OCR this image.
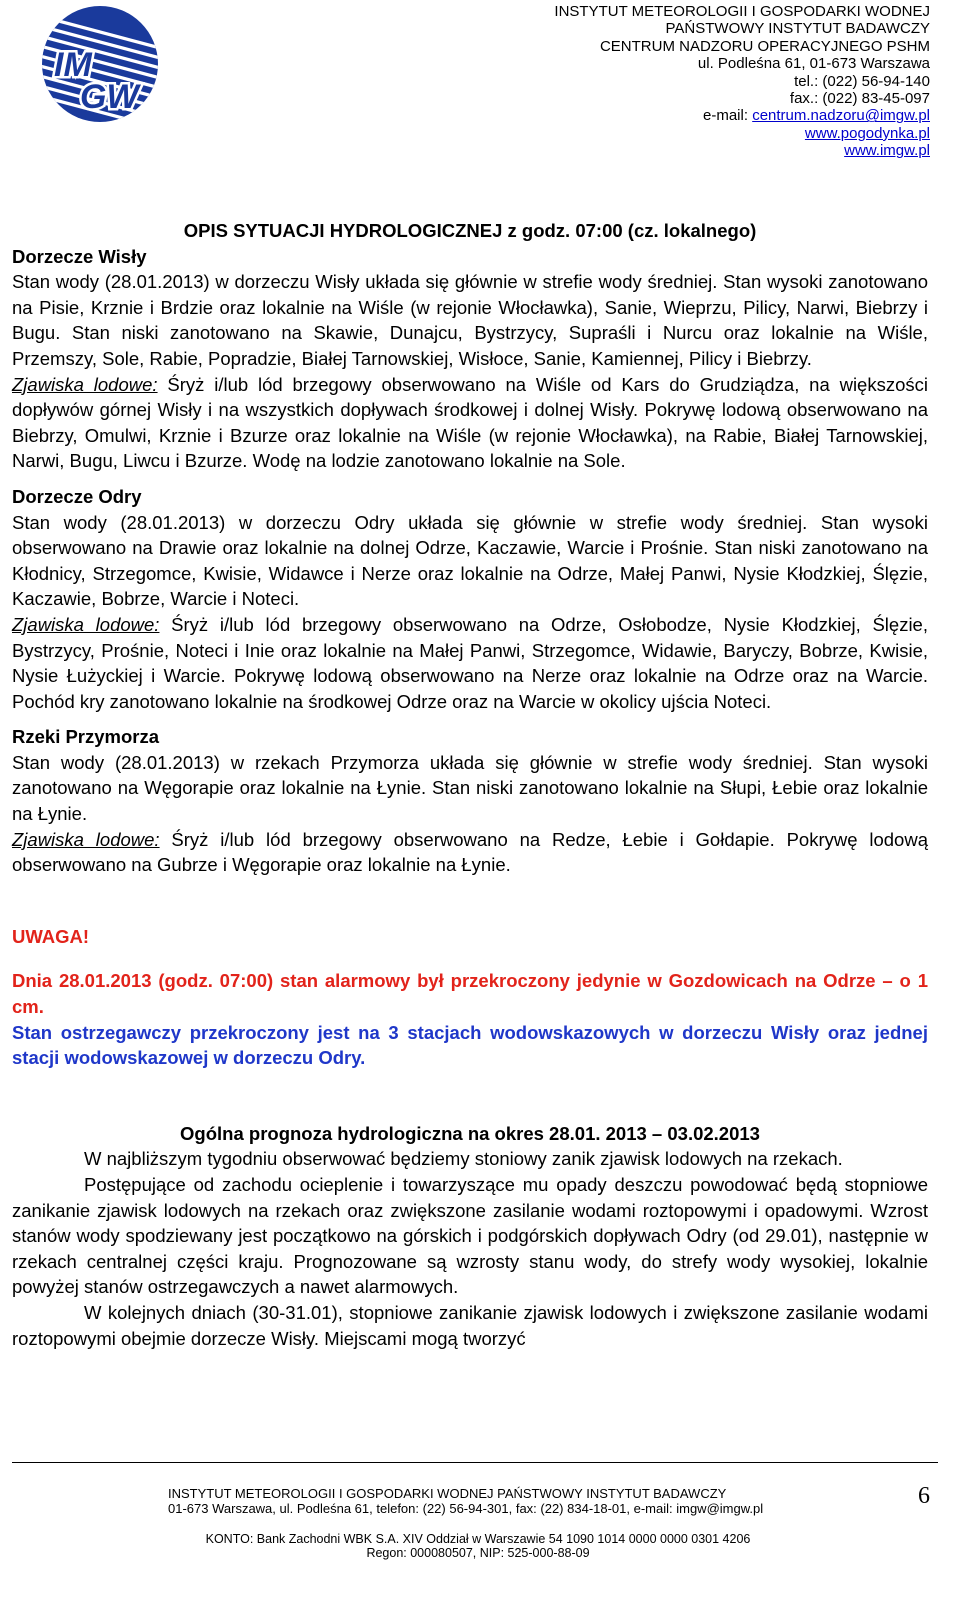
IM
GW
INSTYTUT METEOROLOGII I GOSPODARKI WODNEJ
PAŃSTWOWY INSTYTUT BADAWCZY
CENTRUM NADZORU OPERACYJNEGO PSHM
ul. Podleśna 61, 01-673 Warszawa
tel.: (022) 56-94-140
fax.: (022) 83-45-097
e-mail: centrum.nadzoru@imgw.pl
www.pogodynka.pl
www.imgw.pl

OPIS SYTUACJI HYDROLOGICZNEJ z godz. 07:00 (cz. lokalnego)

Dorzecze Wisły

Stan wody (28.01.2013) w dorzeczu Wisły układa się głównie w strefie wody średniej. Stan wysoki zanotowano na Pisie, Krznie i Brdzie oraz lokalnie na Wiśle (w rejonie Włocławka), Sanie, Wieprzu, Pilicy, Narwi, Biebrzy i Bugu. Stan niski zanotowano na Skawie, Dunajcu, Bystrzycy, Supraśli i Nurcu oraz lokalnie na Wiśle, Przemszy, Sole, Rabie, Popradzie, Białej Tarnowskiej, Wisłoce, Sanie, Kamiennej, Pilicy i Biebrzy.

Zjawiska lodowe: Śryż i/lub lód brzegowy obserwowano na Wiśle od Kars do Grudziądza, na większości dopływów górnej Wisły i na wszystkich dopływach środkowej i dolnej Wisły. Pokrywę lodową obserwowano na Biebrzy, Omulwi, Krznie i Bzurze oraz lokalnie na Wiśle (w rejonie Włocławka), na Rabie, Białej Tarnowskiej, Narwi, Bugu, Liwcu i Bzurze. Wodę na lodzie zanotowano lokalnie na Sole.

Dorzecze Odry

Stan wody (28.01.2013) w dorzeczu Odry układa się głównie w strefie wody średniej. Stan wysoki obserwowano na Drawie oraz lokalnie na dolnej Odrze, Kaczawie, Warcie i Prośnie. Stan niski zanotowano na Kłodnicy, Strzegomce, Kwisie, Widawce i Nerze oraz lokalnie na Odrze, Małej Panwi, Nysie Kłodzkiej, Ślęzie, Kaczawie, Bobrze, Warcie i Noteci.

Zjawiska lodowe: Śryż i/lub lód brzegowy obserwowano na Odrze, Osłobodze, Nysie Kłodzkiej, Ślęzie, Bystrzycy, Prośnie, Noteci i Inie oraz lokalnie na Małej Panwi, Strzegomce, Widawie, Baryczy, Bobrze, Kwisie, Nysie Łużyckiej i Warcie. Pokrywę lodową obserwowano na Nerze oraz lokalnie na Odrze oraz na Warcie. Pochód kry zanotowano lokalnie na środkowej Odrze oraz na Warcie w okolicy ujścia Noteci.

Rzeki Przymorza

Stan wody (28.01.2013) w rzekach Przymorza układa się głównie w strefie wody średniej. Stan wysoki zanotowano na Węgorapie oraz lokalnie na Łynie. Stan niski zanotowano lokalnie na Słupi, Łebie oraz lokalnie na Łynie.

Zjawiska lodowe: Śryż i/lub lód brzegowy obserwowano na Redze, Łebie i Gołdapie. Pokrywę lodową obserwowano na Gubrze i Węgorapie oraz lokalnie na Łynie.

UWAGA!

Dnia 28.01.2013 (godz. 07:00) stan alarmowy był przekroczony jedynie w Gozdowicach na Odrze – o 1 cm.

Stan ostrzegawczy przekroczony jest na 3 stacjach wodowskazowych w dorzeczu Wisły oraz jednej stacji wodowskazowej w dorzeczu Odry.

Ogólna prognoza hydrologiczna na okres 28.01. 2013 – 03.02.2013

W najbliższym tygodniu obserwować będziemy stoniowy zanik zjawisk lodowych na rzekach.

Postępujące od zachodu ocieplenie i towarzyszące mu opady deszczu powodować będą stopniowe zanikanie zjawisk lodowych na rzekach oraz zwiększone zasilanie wodami roztopowymi i opadowymi. Wzrost stanów wody spodziewany jest początkowo na górskich i podgórskich dopływach Odry (od 29.01), następnie w rzekach centralnej części kraju. Prognozowane są wzrosty stanu wody, do strefy wody wysokiej, lokalnie powyżej stanów ostrzegawczych a nawet alarmowych.

W kolejnych dniach (30-31.01), stopniowe zanikanie zjawisk lodowych i zwiększone zasilanie wodami roztopowymi obejmie dorzecze Wisły. Miejscami mogą tworzyć

INSTYTUT METEOROLOGII I GOSPODARKI WODNEJ PAŃSTWOWY INSTYTUT BADAWCZY
01-673 Warszawa, ul. Podleśna 61, telefon: (22) 56-94-301, fax: (22) 834-18-01, e-mail: imgw@imgw.pl
KONTO: Bank Zachodni WBK S.A. XIV Oddział w Warszawie 54 1090 1014 0000 0000 0301 4206
Regon: 000080507, NIP: 525-000-88-09
6
